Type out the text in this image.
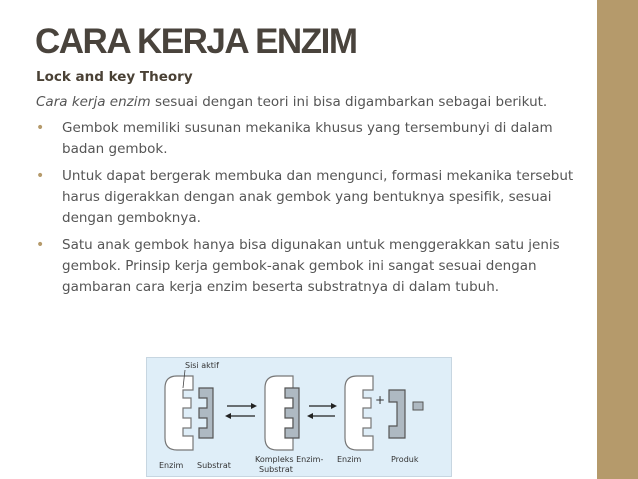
CARA KERJA ENZIM
Lock and key Theory

Cara kerja enzim sesuai dengan teori ini bisa digambarkan sebagai berikut.

• Gembok memiliki susunan mekanika khusus yang tersembunyi di dalam badan gembok.
• Untuk dapat bergerak membuka dan mengunci, formasi mekanika tersebut harus digerakkan dengan anak gembok yang bentuknya spesifik, sesuai dengan gemboknya.
• Satu anak gembok hanya bisa digunakan untuk menggerakkan satu jenis gembok. Prinsip kerja gembok-anak gembok ini sangat sesuai dengan gambaran cara kerja enzim beserta substratnya di dalam tubuh.
+
Sisi aktif
Enzim Substrat
Kompleks Enzim-
Substrat
Enzim	Produk
